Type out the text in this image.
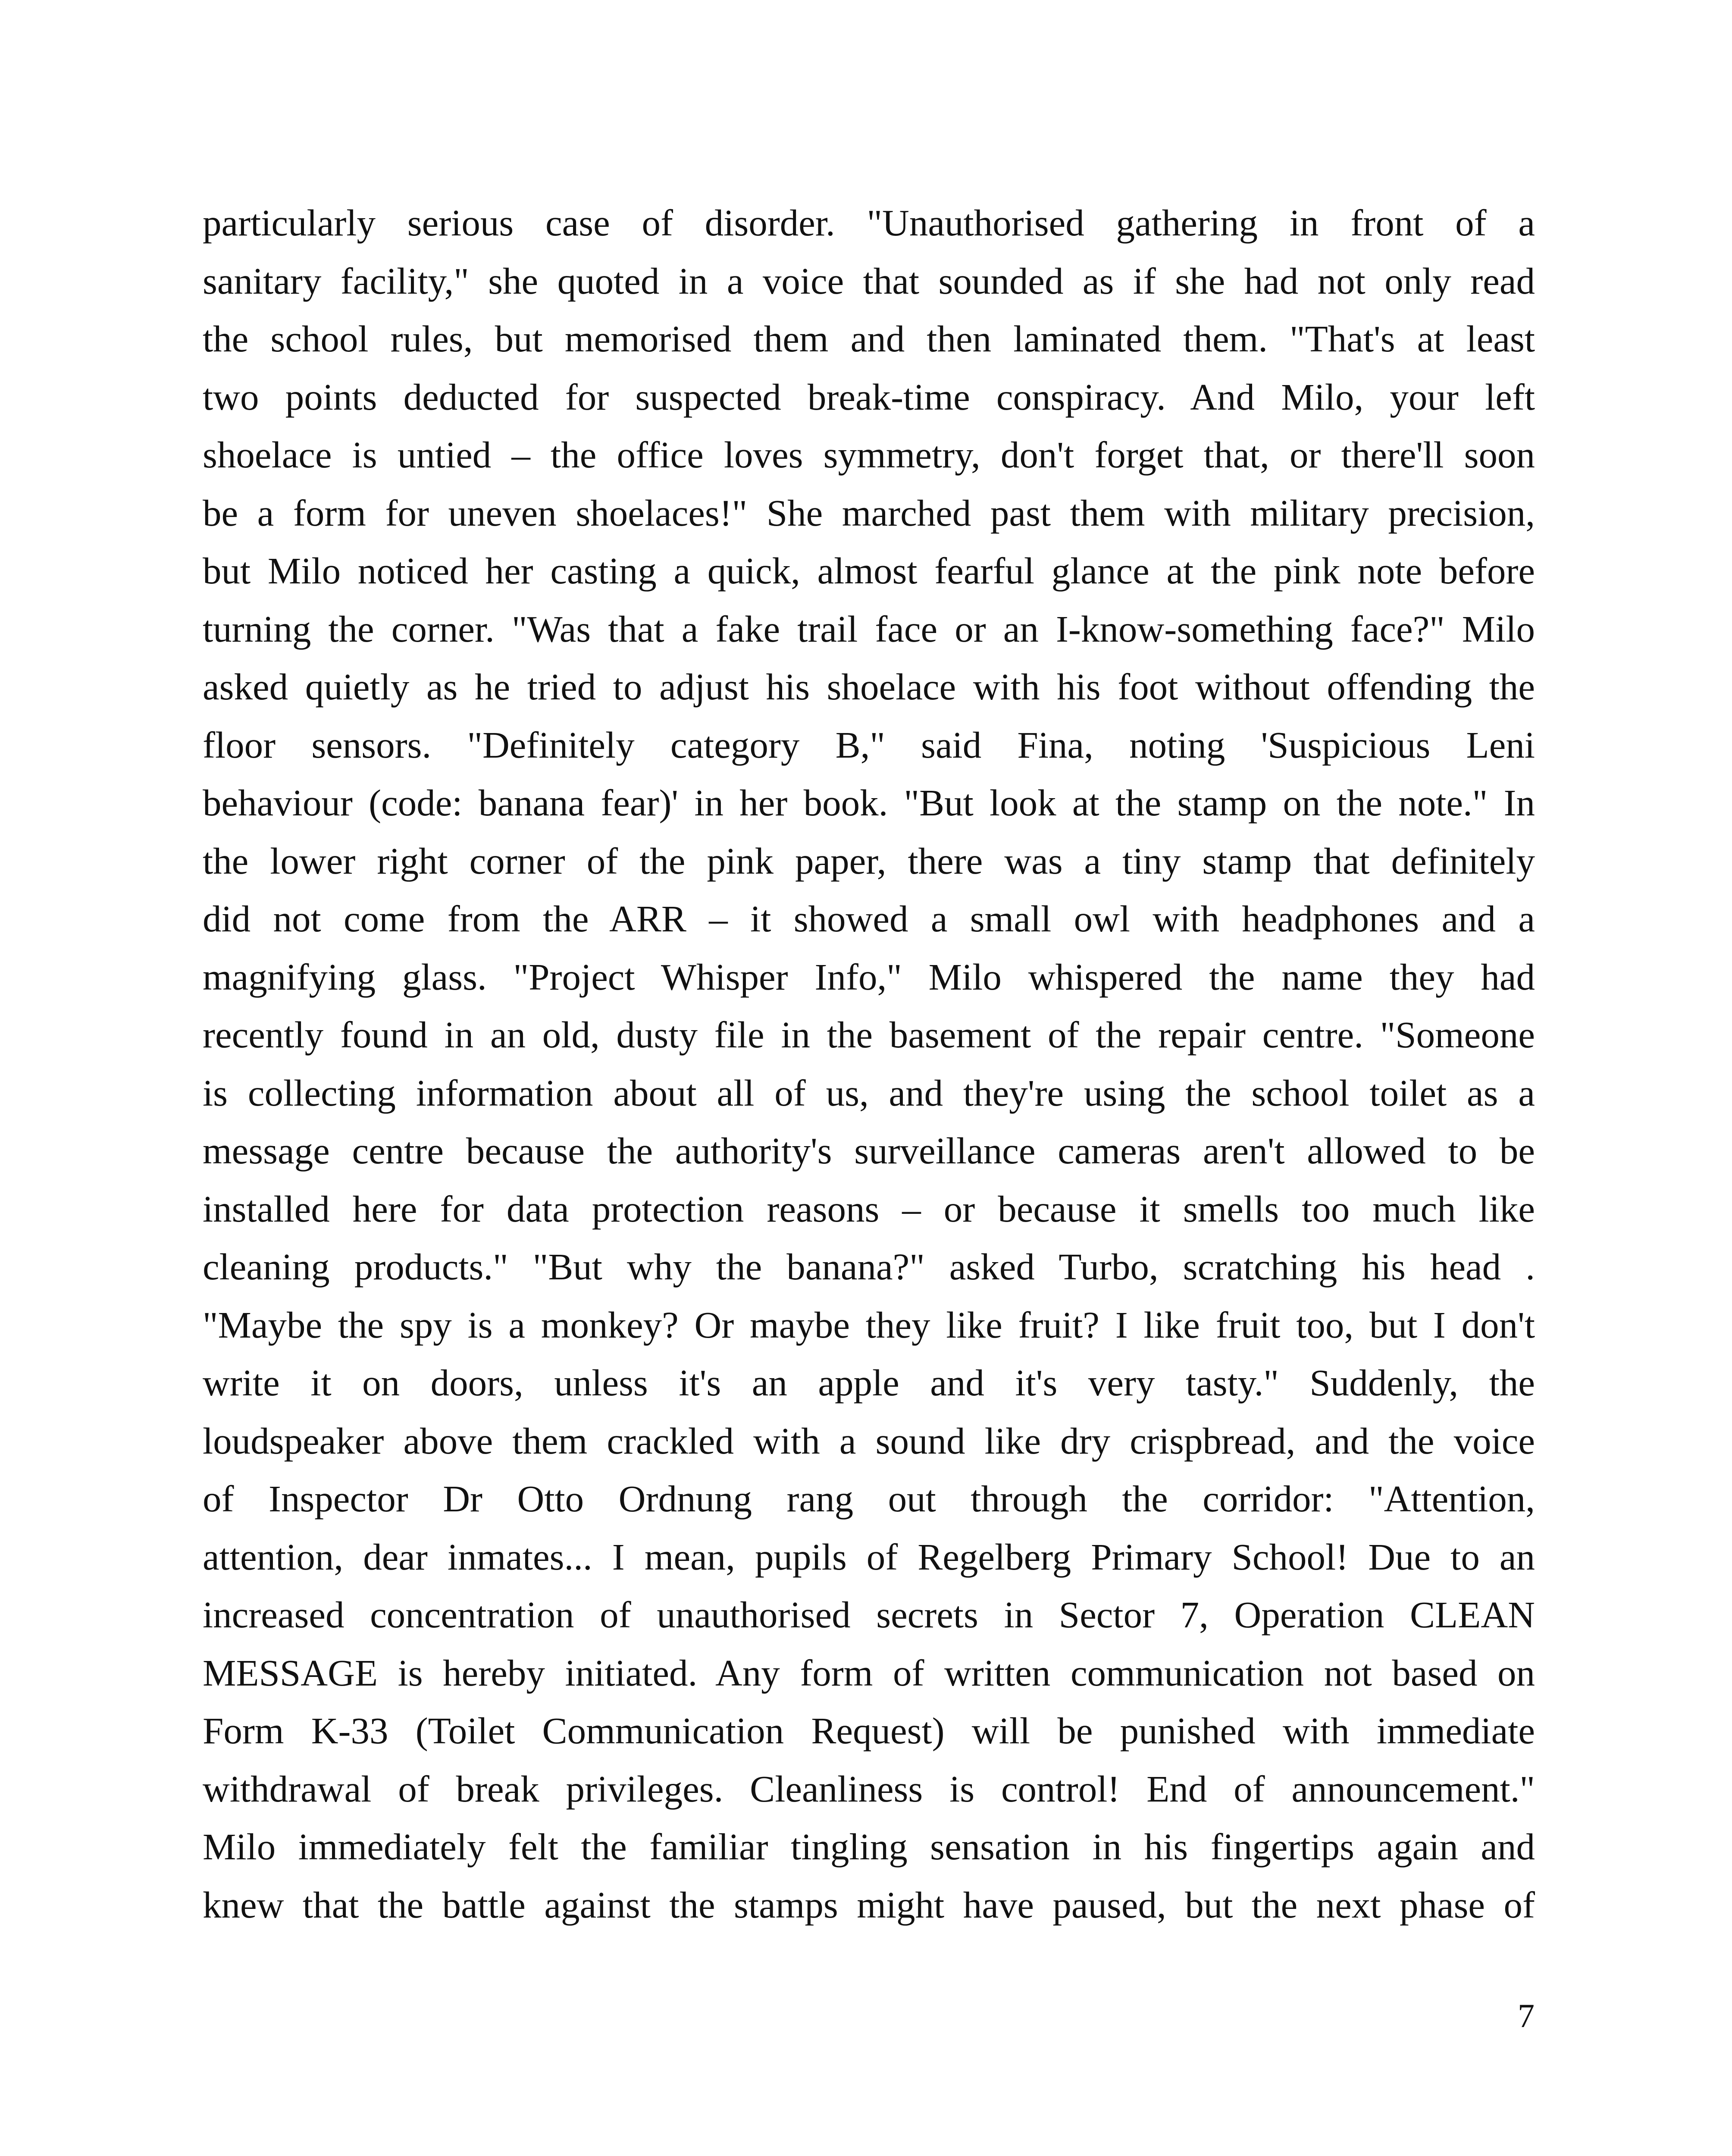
particularly serious case of disorder. "Unauthorised gathering in front of a
sanitary facility," she quoted in a voice that sounded as if she had not only read
the school rules, but memorised them and then laminated them. "That's at least
two points deducted for suspected break-time conspiracy. And Milo, your left
shoelace is untied – the office loves symmetry, don't forget that, or there'll soon
be a form for uneven shoelaces!" She marched past them with military precision,
but Milo noticed her casting a quick, almost fearful glance at the pink note before
turning the corner. "Was that a fake trail face or an I-know-something face?" Milo
asked quietly as he tried to adjust his shoelace with his foot without offending the
floor sensors. "Definitely category B," said Fina, noting 'Suspicious Leni
behaviour (code: banana fear)' in her book. "But look at the stamp on the note." In
the lower right corner of the pink paper, there was a tiny stamp that definitely
did not come from the ARR – it showed a small owl with headphones and a
magnifying glass. "Project Whisper Info," Milo whispered the name they had
recently found in an old, dusty file in the basement of the repair centre. "Someone
is collecting information about all of us, and they're using the school toilet as a
message centre because the authority's surveillance cameras aren't allowed to be
installed here for data protection reasons – or because it smells too much like
cleaning products." "But why the banana?" asked Turbo, scratching his head .
"Maybe the spy is a monkey? Or maybe they like fruit? I like fruit too, but I don't
write it on doors, unless it's an apple and it's very tasty." Suddenly, the
loudspeaker above them crackled with a sound like dry crispbread, and the voice
of Inspector Dr Otto Ordnung rang out through the corridor: "Attention,
attention, dear inmates... I mean, pupils of Regelberg Primary School! Due to an
increased concentration of unauthorised secrets in Sector 7, Operation CLEAN
MESSAGE is hereby initiated. Any form of written communication not based on
Form K-33 (Toilet Communication Request) will be punished with immediate
withdrawal of break privileges. Cleanliness is control! End of announcement."
Milo immediately felt the familiar tingling sensation in his fingertips again and
knew that the battle against the stamps might have paused, but the next phase of
7
